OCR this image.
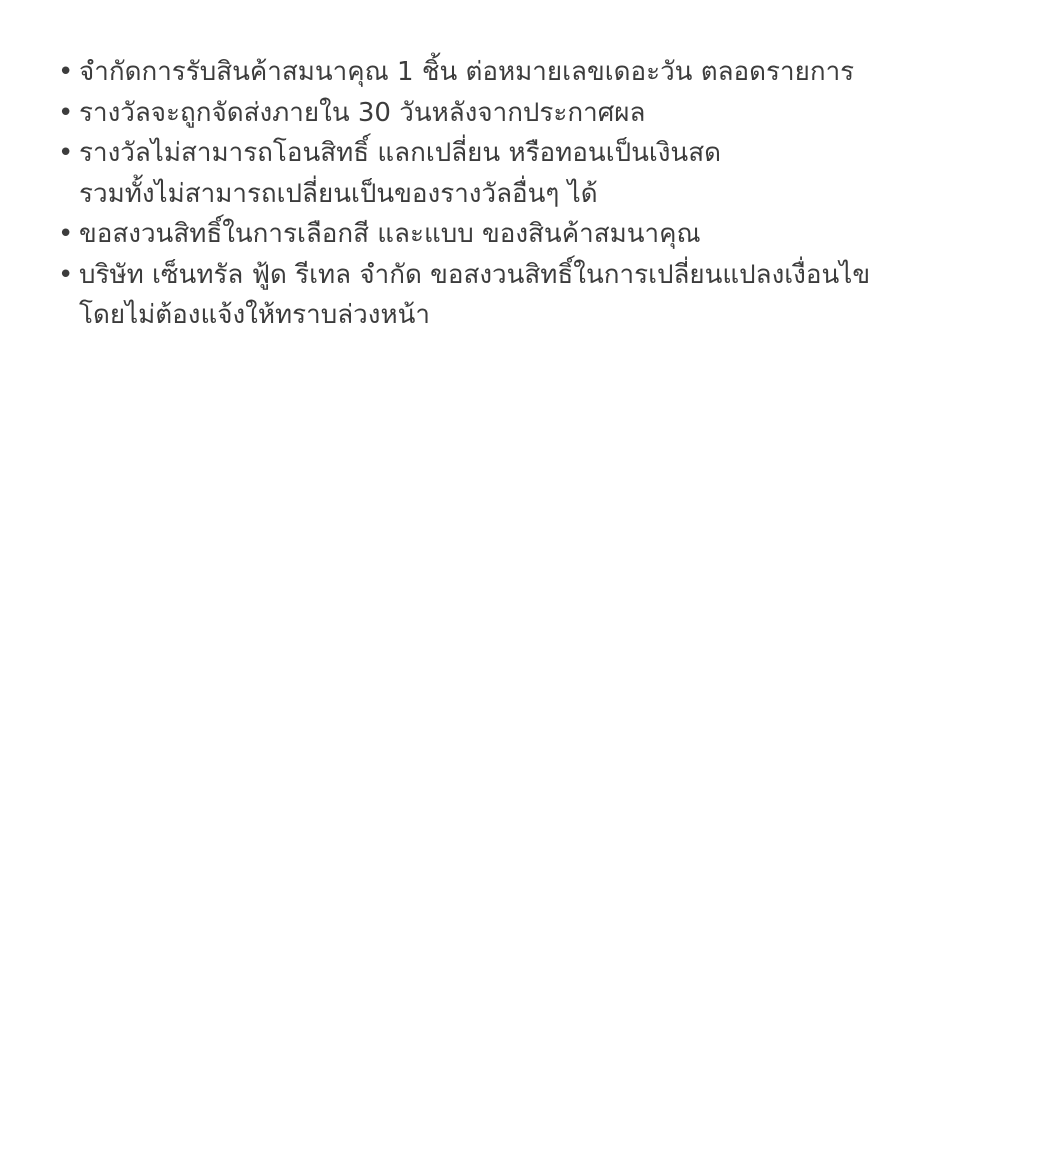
• จำกัดการรับสินค้าสมนาคุณ 1 ชิ้น ต่อหมายเลขเดอะวัน ตลอดรายการ
• รางวัลจะถูกจัดส่งภายใน 30 วันหลังจากประกาศผล
• รางวัลไม่สามารถโอนสิทธิ์ แลกเปลี่ยน หรือทอนเป็นเงินสด
รวมทั้งไม่สามารถเปลี่ยนเป็นของรางวัลอื่นๆ ได้
• ขอสงวนสิทธิ์ในการเลือกสี และแบบ ของสินค้าสมนาคุณ
• บริษัท เซ็นทรัล ฟู้ด รีเทล จำกัด ขอสงวนสิทธิ์ในการเปลี่ยนแปลงเงื่อนไข
โดยไม่ต้องแจ้งให้ทราบล่วงหน้า
